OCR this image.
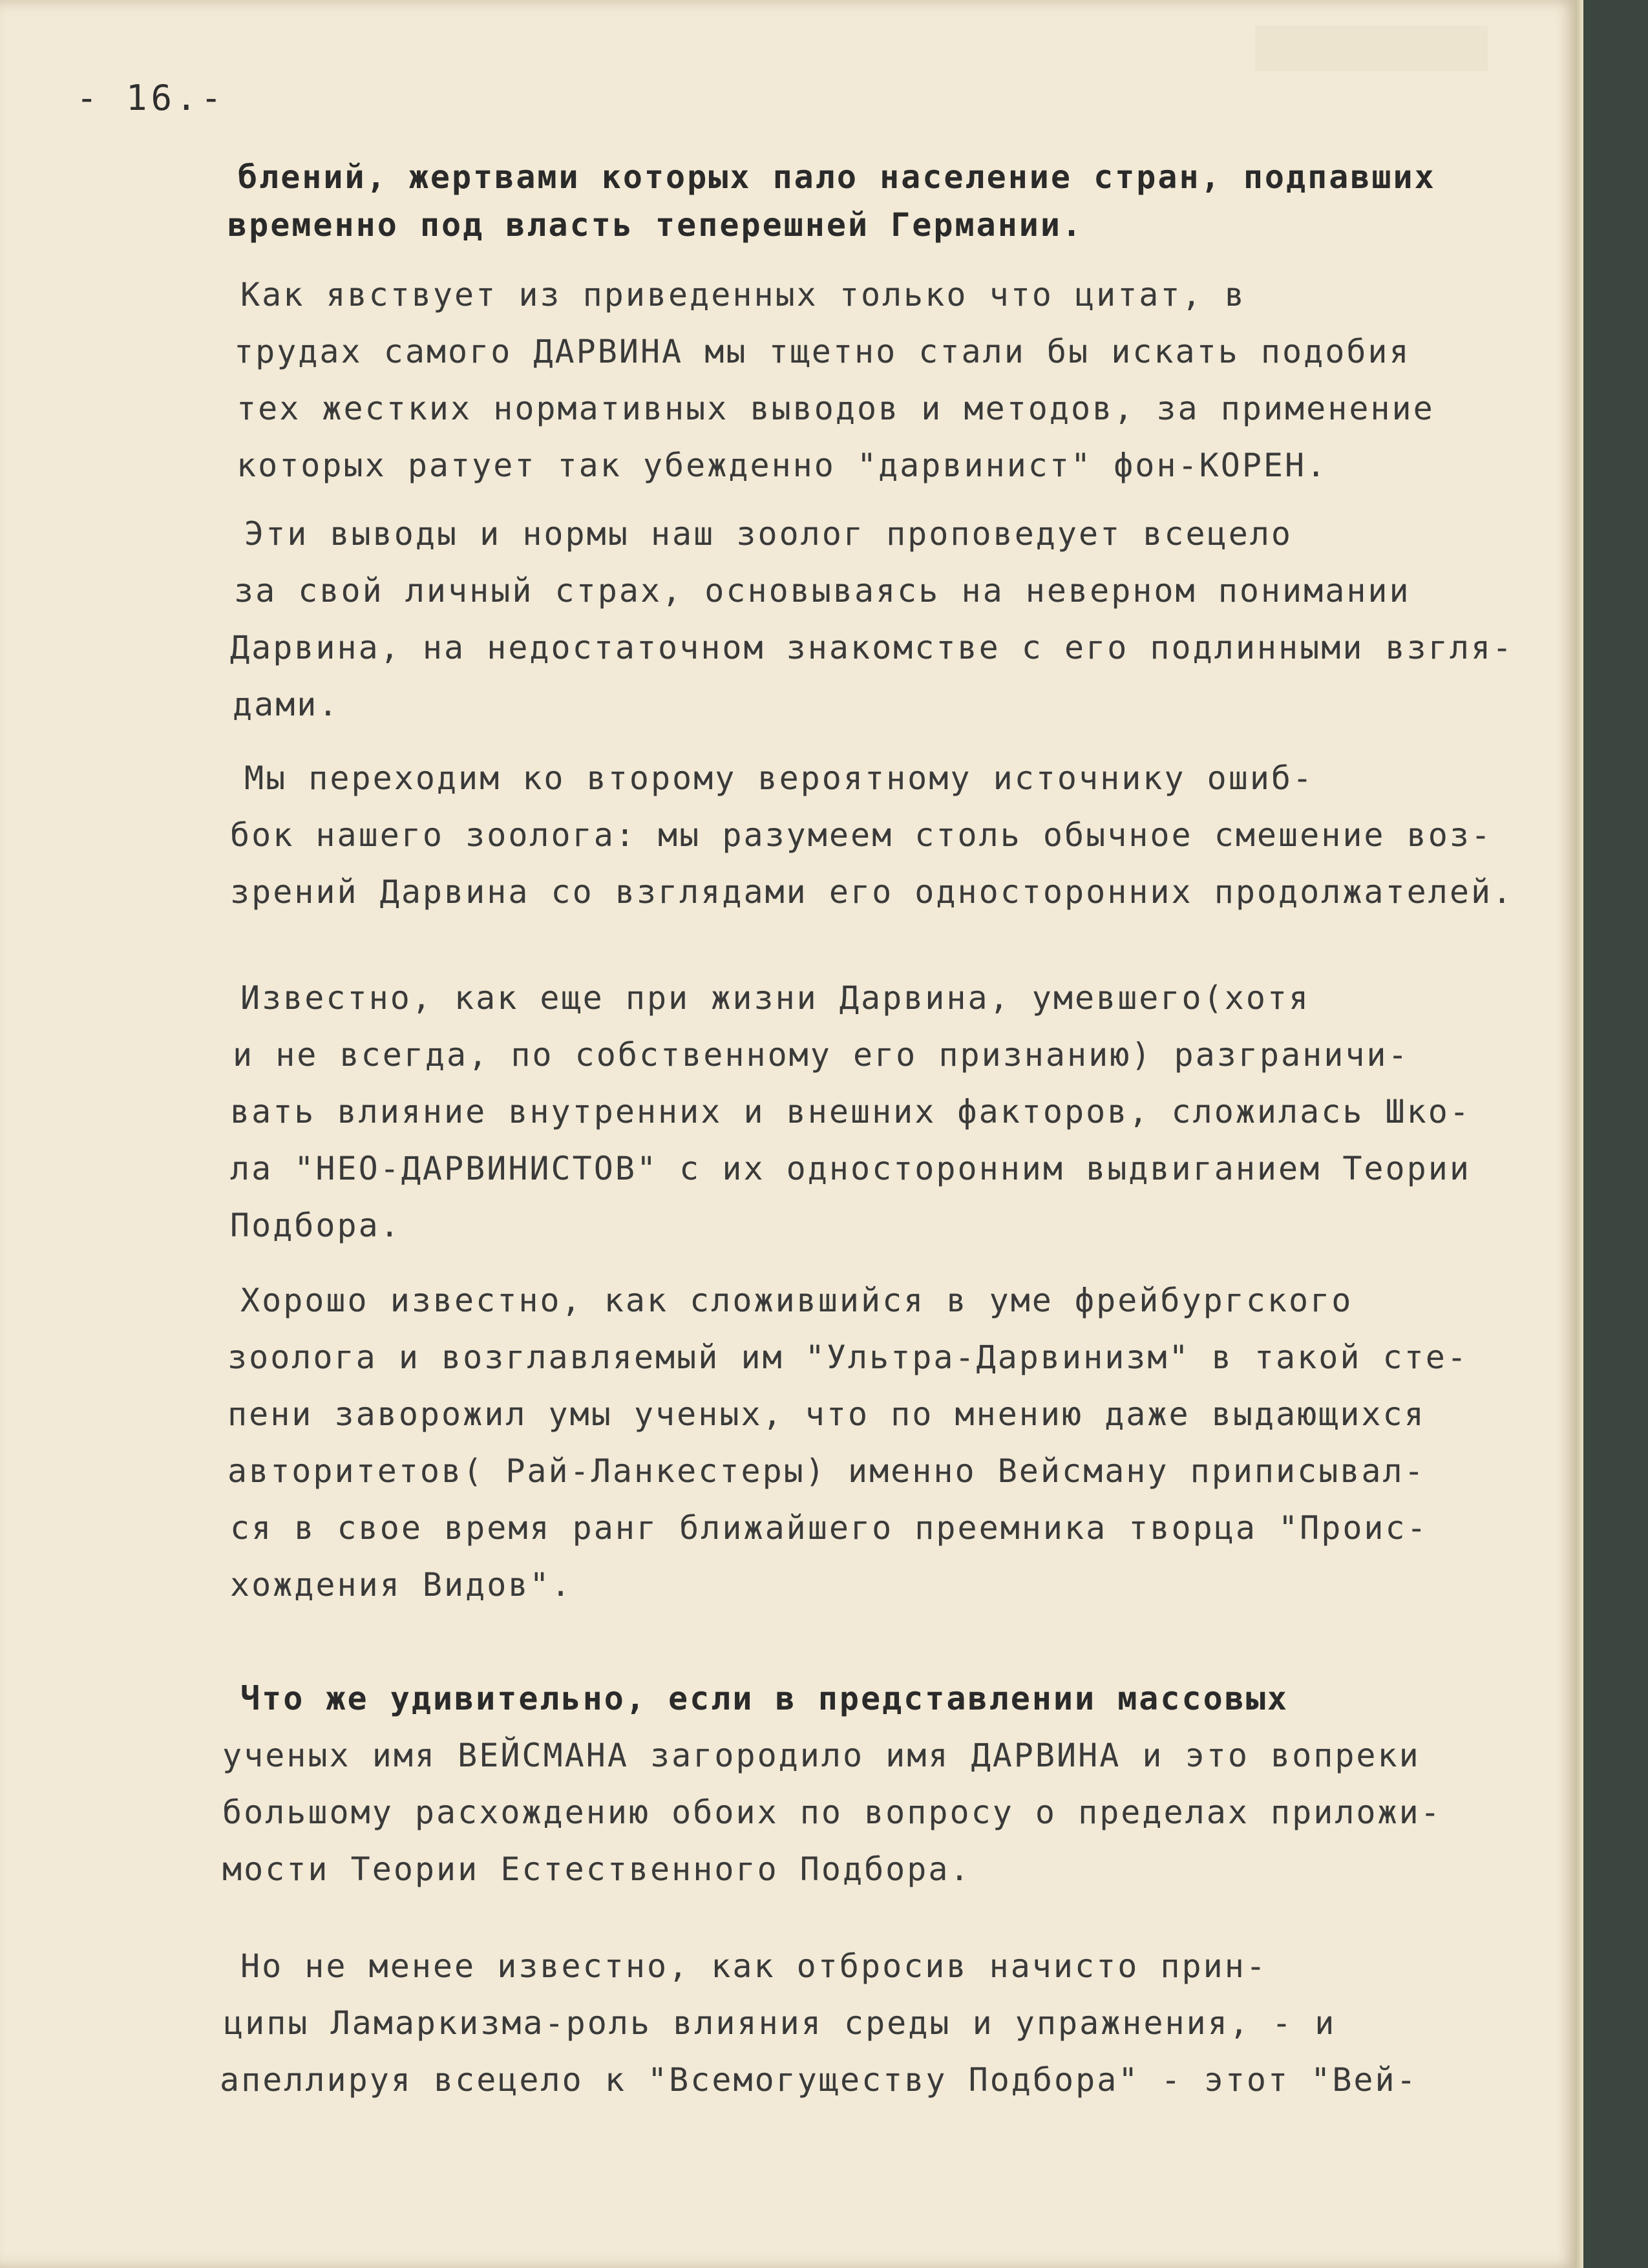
- 16.-
блений, жертвами которых пало население стран, подпавших
временно под власть теперешней Германии.
Как явствует из приведенных только что цитат, в
трудах самого ДАРВИНА мы тщетно стали бы искать подобия
тех жестких нормативных выводов и методов, за применение
которых ратует так убежденно "дарвинист" фон-КОРЕН.
Эти выводы и нормы наш зоолог проповедует всецело
за свой личный страх, основываясь на неверном понимании
Дарвина, на недостаточном знакомстве с его подлинными взгля-
дами.
Мы переходим ко второму вероятному источнику ошиб-
бок нашего зоолога: мы разумеем столь обычное смешение воз-
зрений Дарвина со взглядами его односторонних продолжателей.
Известно, как еще при жизни Дарвина, умевшего(хотя
и не всегда, по собственному его признанию) разграничи-
вать влияние внутренних и внешних факторов, сложилась Шко-
ла "НЕО-ДАРВИНИСТОВ" с их односторонним выдвиганием Теории
Подбора.
Хорошо известно, как сложившийся в уме фрейбургского
зоолога и возглавляемый им "Ультра-Дарвинизм" в такой сте-
пени заворожил умы ученых, что по мнению даже выдающихся
авторитетов( Рай-Ланкестеры) именно Вейсману приписывал-
ся в свое время ранг ближайшего преемника творца "Проис-
хождения Видов".
Что же удивительно, если в представлении массовых
ученых имя ВЕЙСМАНА загородило имя ДАРВИНА и это вопреки
большому расхождению обоих по вопросу о пределах приложи-
мости Теории Естественного Подбора.
Но не менее известно, как отбросив начисто прин-
ципы Ламаркизма-роль влияния среды и упражнения, - и
апеллируя всецело к "Всемогуществу Подбора" - этот "Вей-
